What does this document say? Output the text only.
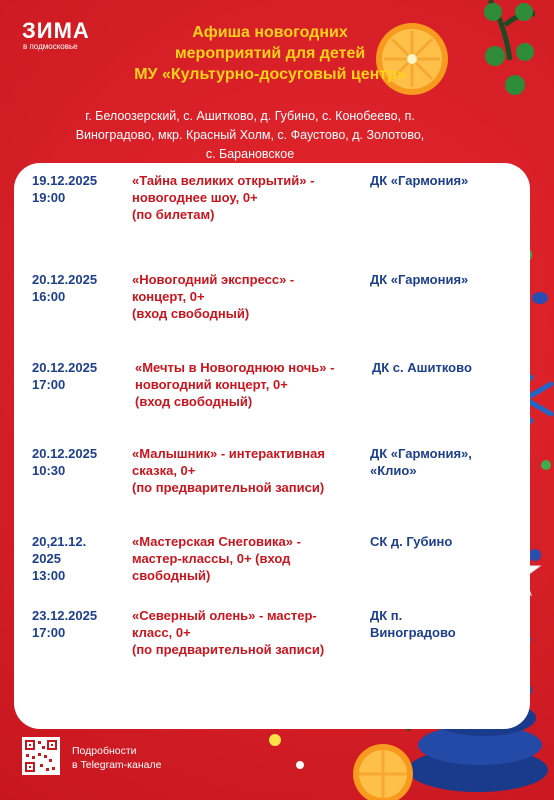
ЗИМА
в подмосковье
Афиша новогодних
мероприятий для детей
МУ «Культурно-досуговый центр»
г. Белоозерский, с. Ашитково, д. Губино, с. Конобеево, п.
Виноградово, мкр. Красный Холм, с. Фаустово, д. Золотово,
с. Барановское
19.12.2025
19:00
«Тайна великих открытий» -
новогоднее шоу, 0+
(по билетам)
ДК «Гармония»
20.12.2025
16:00
«Новогодний экспресс» -
концерт, 0+
(вход свободный)
ДК «Гармония»
20.12.2025
17:00
«Мечты в Новогоднюю ночь» -
новогодний концерт, 0+
(вход свободный)
ДК с. Ашитково
20.12.2025
10:30
«Малышник» - интерактивная
сказка, 0+
(по предварительной записи)
ДК «Гармония»,
«Клио»
20,21.12.
2025
13:00
«Мастерская Снеговика» -
мастер-классы, 0+ (вход
свободный)
СК д. Губино
23.12.2025
17:00
«Северный олень» - мастер-
класс, 0+
(по предварительной записи)
ДК п.
Виноградово
Подробности
в Telegram-канале
